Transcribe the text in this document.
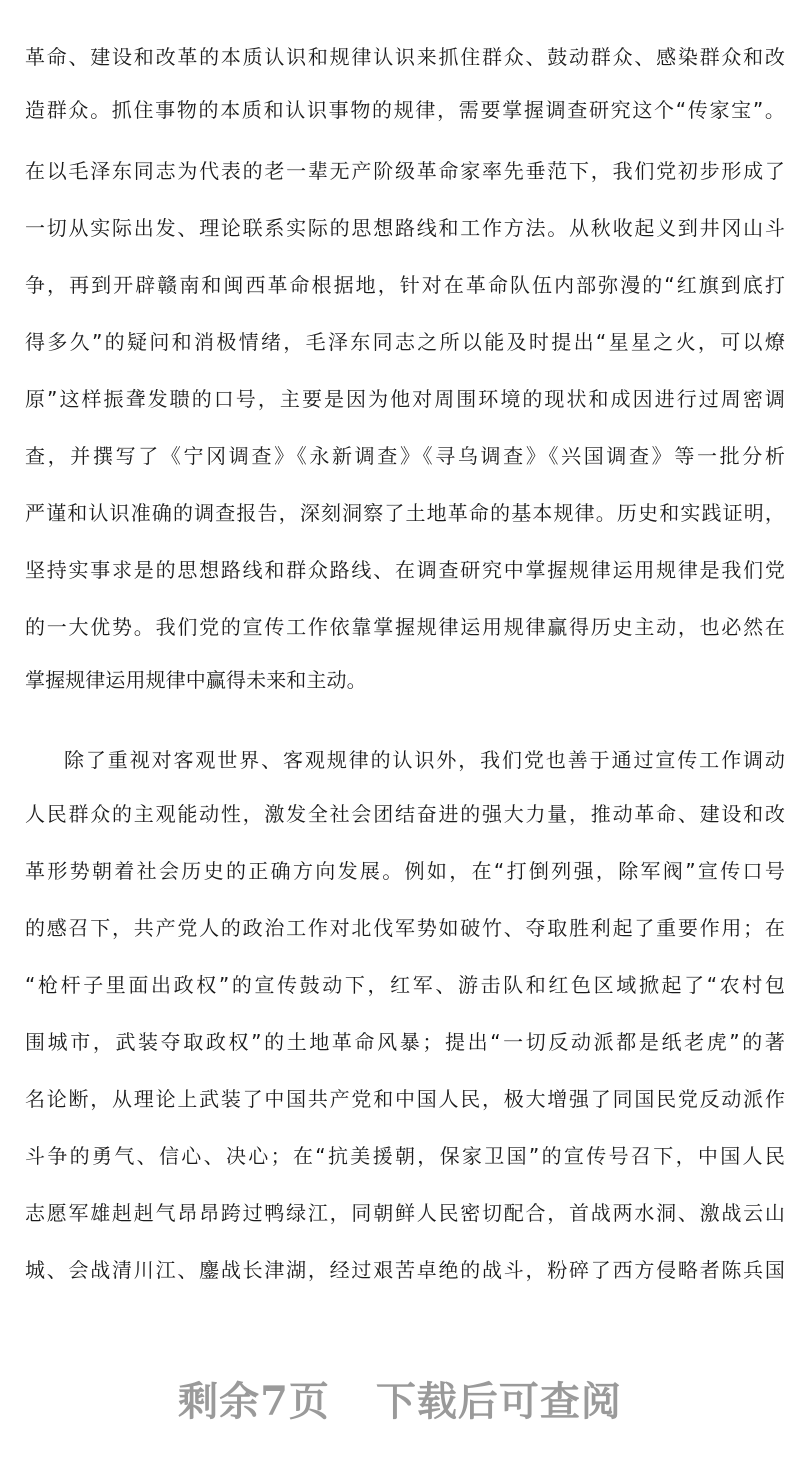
革命、建设和改革的本质认识和规律认识来抓住群众、鼓动群众、感染群众和改
造群众。抓住事物的本质和认识事物的规律，需要掌握调查研究这个“传家宝”。
在以毛泽东同志为代表的老一辈无产阶级革命家率先垂范下，我们党初步形成了
一切从实际出发、理论联系实际的思想路线和工作方法。从秋收起义到井冈山斗
争，再到开辟赣南和闽西革命根据地，针对在革命队伍内部弥漫的“红旗到底打
得多久”的疑问和消极情绪，毛泽东同志之所以能及时提出“星星之火，可以燎
原”这样振聋发聩的口号，主要是因为他对周围环境的现状和成因进行过周密调
查，并撰写了《宁冈调查》《永新调查》《寻乌调查》《兴国调查》等一批分析
严谨和认识准确的调查报告，深刻洞察了土地革命的基本规律。历史和实践证明，
坚持实事求是的思想路线和群众路线、在调查研究中掌握规律运用规律是我们党
的一大优势。我们党的宣传工作依靠掌握规律运用规律赢得历史主动，也必然在
掌握规律运用规律中赢得未来和主动。
除了重视对客观世界、客观规律的认识外，我们党也善于通过宣传工作调动
人民群众的主观能动性，激发全社会团结奋进的强大力量，推动革命、建设和改
革形势朝着社会历史的正确方向发展。例如，在“打倒列强，除军阀”宣传口号
的感召下，共产党人的政治工作对北伐军势如破竹、夺取胜利起了重要作用；在
“枪杆子里面出政权”的宣传鼓动下，红军、游击队和红色区域掀起了“农村包
围城市，武装夺取政权”的土地革命风暴；提出“一切反动派都是纸老虎”的著
名论断，从理论上武装了中国共产党和中国人民，极大增强了同国民党反动派作
斗争的勇气、信心、决心；在“抗美援朝，保家卫国”的宣传号召下，中国人民
志愿军雄赳赳气昂昂跨过鸭绿江，同朝鲜人民密切配合，首战两水洞、激战云山
城、会战清川江、鏖战长津湖，经过艰苦卓绝的战斗，粉碎了西方侵略者陈兵国
剩余7页 下载后可查阅
